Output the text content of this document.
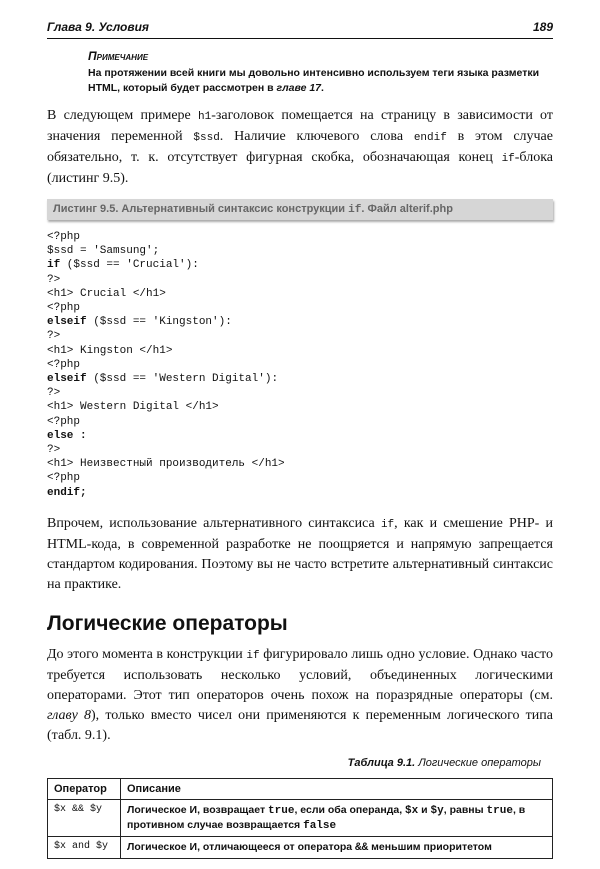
Глава 9. Условия	189
Примечание
На протяжении всей книги мы довольно интенсивно используем теги языка разметки HTML, который будет рассмотрен в главе 17.
В следующем примере h1-заголовок помещается на страницу в зависимости от значения переменной $ssd. Наличие ключевого слова endif в этом случае обязательно, т. к. отсутствует фигурная скобка, обозначающая конец if-блока (листинг 9.5).
Листинг 9.5. Альтернативный синтаксис конструкции if. Файл alterif.php
<?php
$ssd = 'Samsung';
if ($ssd == 'Crucial'):
?>
<h1> Crucial </h1>
<?php
elseif ($ssd == 'Kingston'):
?>
<h1> Kingston </h1>
<?php
elseif ($ssd == 'Western Digital'):
?>
<h1> Western Digital </h1>
<?php
else :
?>
<h1> Неизвестный производитель </h1>
<?php
endif;
Впрочем, использование альтернативного синтаксиса if, как и смешение PHP- и HTML-кода, в современной разработке не поощряется и напрямую запрещается стандартом кодирования. Поэтому вы не часто встретите альтернативный синтаксис на практике.
Логические операторы
До этого момента в конструкции if фигурировало лишь одно условие. Однако часто требуется использовать несколько условий, объединенных логическими операторами. Этот тип операторов очень похож на поразрядные операторы (см. главу 8), только вместо чисел они применяются к переменным логического типа (табл. 9.1).
Таблица 9.1. Логические операторы
Оператор	Описание
$x && $y	Логическое И, возвращает true, если оба операнда, $x и $y, равны true, в противном случае возвращается false
$x and $y	Логическое И, отличающееся от оператора && меньшим приоритетом
